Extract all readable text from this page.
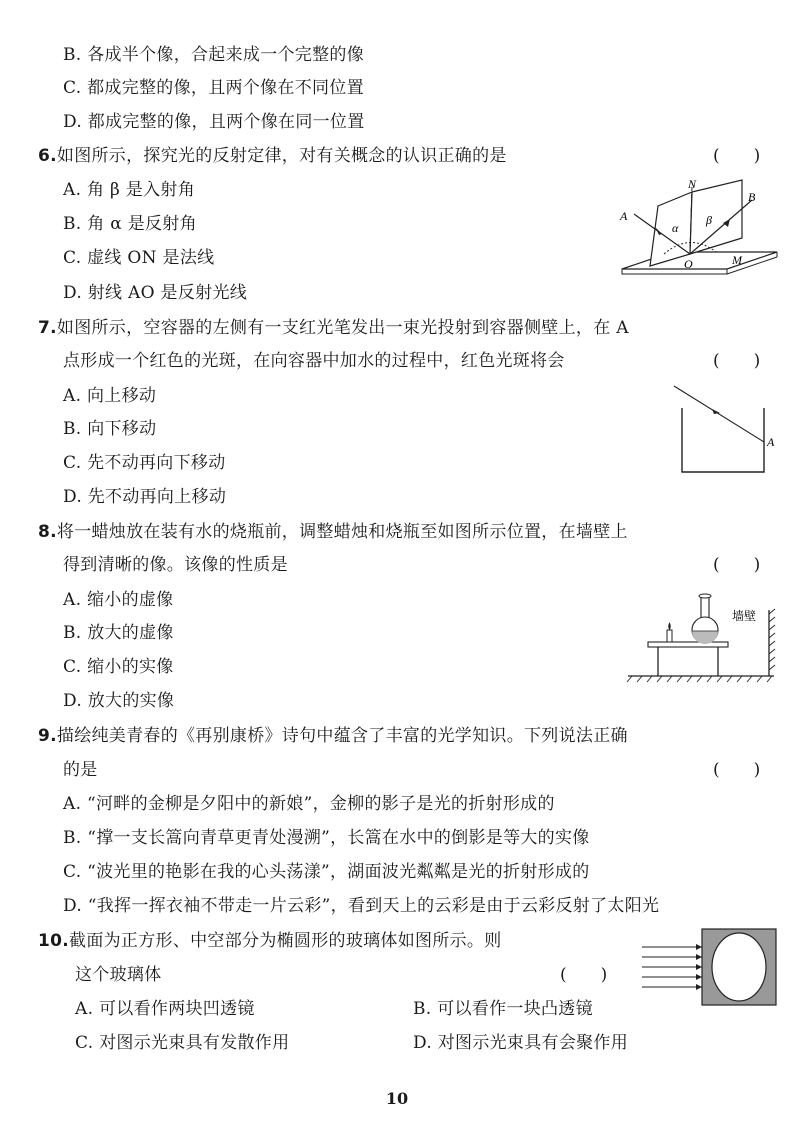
B. 各成半个像，合起来成一个完整的像
C. 都成完整的像，且两个像在不同位置
D. 都成完整的像，且两个像在同一位置
6.如图所示，探究光的反射定律，对有关概念的认识正确的是	(　　)
A. 角 β 是入射角
B. 角 α 是反射角
C. 虚线 ON 是法线
D. 射线 AO 是反射光线
A
N
B
O	M
α
β
7.如图所示，空容器的左侧有一支红光笔发出一束光投射到容器侧壁上，在 A
点形成一个红色的光斑，在向容器中加水的过程中，红色光斑将会	(　　)
A. 向上移动
B. 向下移动
C. 先不动再向下移动
D. 先不动再向上移动
A
8.将一蜡烛放在装有水的烧瓶前，调整蜡烛和烧瓶至如图所示位置，在墙壁上
得到清晰的像。该像的性质是	(　　)
A. 缩小的虚像
B. 放大的虚像
C. 缩小的实像
D. 放大的实像
墙壁
9.描绘纯美青春的《再别康桥》诗句中蕴含了丰富的光学知识。下列说法正确
的是	(　　)
A. “河畔的金柳是夕阳中的新娘”，金柳的影子是光的折射形成的
B. “撑一支长篙向青草更青处漫溯”，长篙在水中的倒影是等大的实像
C. “波光里的艳影在我的心头荡漾”，湖面波光粼粼是光的折射形成的
D. “我挥一挥衣袖不带走一片云彩”，看到天上的云彩是由于云彩反射了太阳光
10.截面为正方形、中空部分为椭圆形的玻璃体如图所示。则
这个玻璃体	(　　)
A. 可以看作两块凹透镜	B. 可以看作一块凸透镜
C. 对图示光束具有发散作用	D. 对图示光束具有会聚作用
10
